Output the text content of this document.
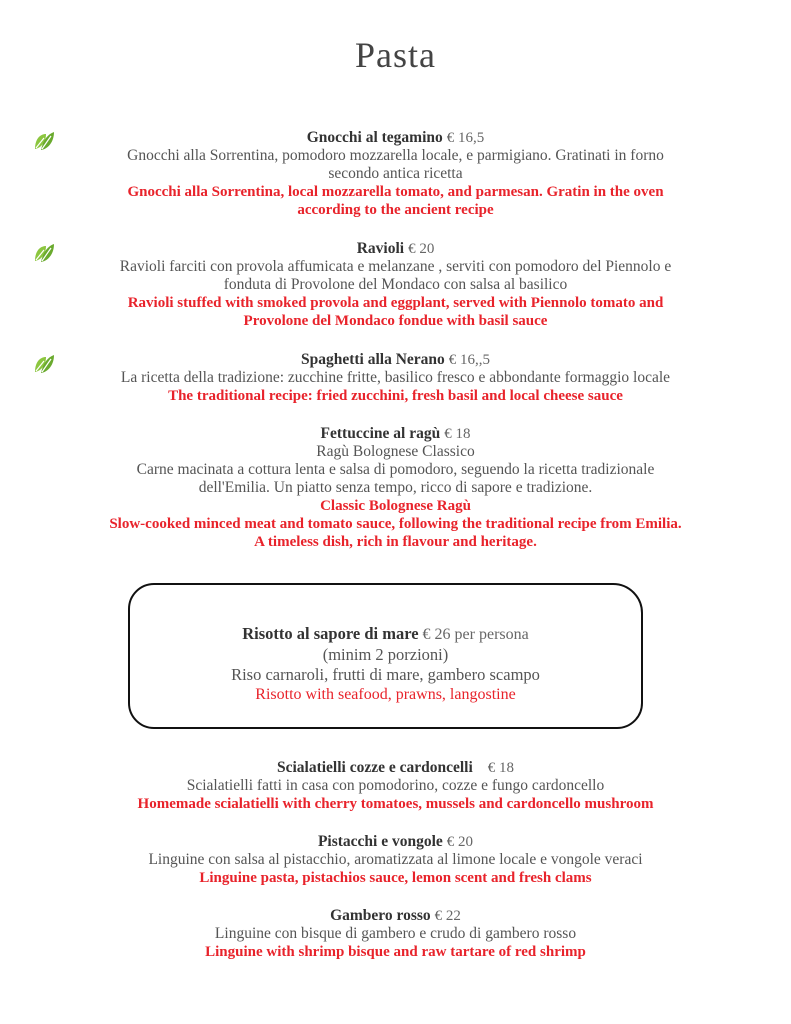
Pasta
Gnocchi al tegamino € 16,5
Gnocchi alla Sorrentina, pomodoro mozzarella locale, e parmigiano. Gratinati in forno
secondo antica ricetta
Gnocchi alla Sorrentina, local mozzarella tomato, and parmesan. Gratin in the oven
according to the ancient recipe
Ravioli € 20
Ravioli farciti con provola affumicata e melanzane , serviti con pomodoro del Piennolo e
fonduta di Provolone del Mondaco con salsa al basilico
Ravioli stuffed with smoked provola and eggplant, served with Piennolo tomato and
Provolone del Mondaco fondue with basil sauce
Spaghetti alla Nerano € 16,,5
La ricetta della tradizione: zucchine fritte, basilico fresco e abbondante formaggio locale
The traditional recipe: fried zucchini, fresh basil and local cheese sauce
Fettuccine al ragù € 18
Ragù Bolognese Classico
Carne macinata a cottura lenta e salsa di pomodoro, seguendo la ricetta tradizionale
dell'Emilia. Un piatto senza tempo, ricco di sapore e tradizione.
Classic Bolognese Ragù
Slow-cooked minced meat and tomato sauce, following the traditional recipe from Emilia.
A timeless dish, rich in flavour and heritage.
Risotto al sapore di mare € 26 per persona
(minim 2 porzioni)
Riso carnaroli, frutti di mare, gambero scampo
Risotto with seafood, prawns, langostine
Scialatielli cozze e cardoncelli    € 18
Scialatielli fatti in casa con pomodorino, cozze e fungo cardoncello
Homemade scialatielli with cherry tomatoes, mussels and cardoncello mushroom
Pistacchi e vongole € 20
Linguine con salsa al pistacchio, aromatizzata al limone locale e vongole veraci
Linguine pasta, pistachios sauce, lemon scent and fresh clams
Gambero rosso € 22
Linguine con bisque di gambero e crudo di gambero rosso
Linguine with shrimp bisque and raw tartare of red shrimp
